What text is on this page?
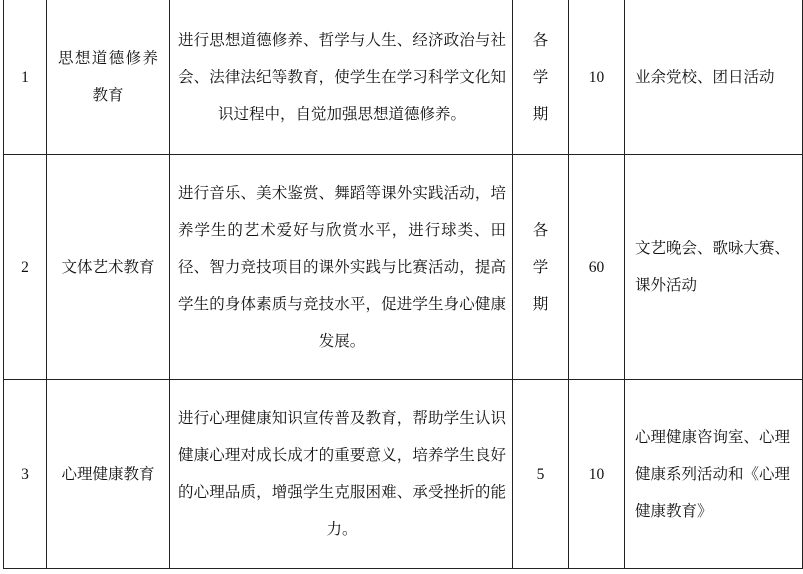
1	思想道德修养教育	进行思想道德修养、哲学与人生、经济政治与社会、法律法纪等教育，使学生在学习科学文化知识过程中，自觉加强思想道德修养。	各学期	10	业余党校、团日活动
2	文体艺术教育	进行音乐、美术鉴赏、舞蹈等课外实践活动，培养学生的艺术爱好与欣赏水平，进行球类、田径、智力竞技项目的课外实践与比赛活动，提高学生的身体素质与竞技水平，促进学生身心健康发展。	各学期	60	文艺晚会、歌咏大赛、课外活动
3	心理健康教育	进行心理健康知识宣传普及教育，帮助学生认识健康心理对成长成才的重要意义，培养学生良好的心理品质，增强学生克服困难、承受挫折的能力。	5	10	心理健康咨询室、心理健康系列活动和《心理健康教育》
